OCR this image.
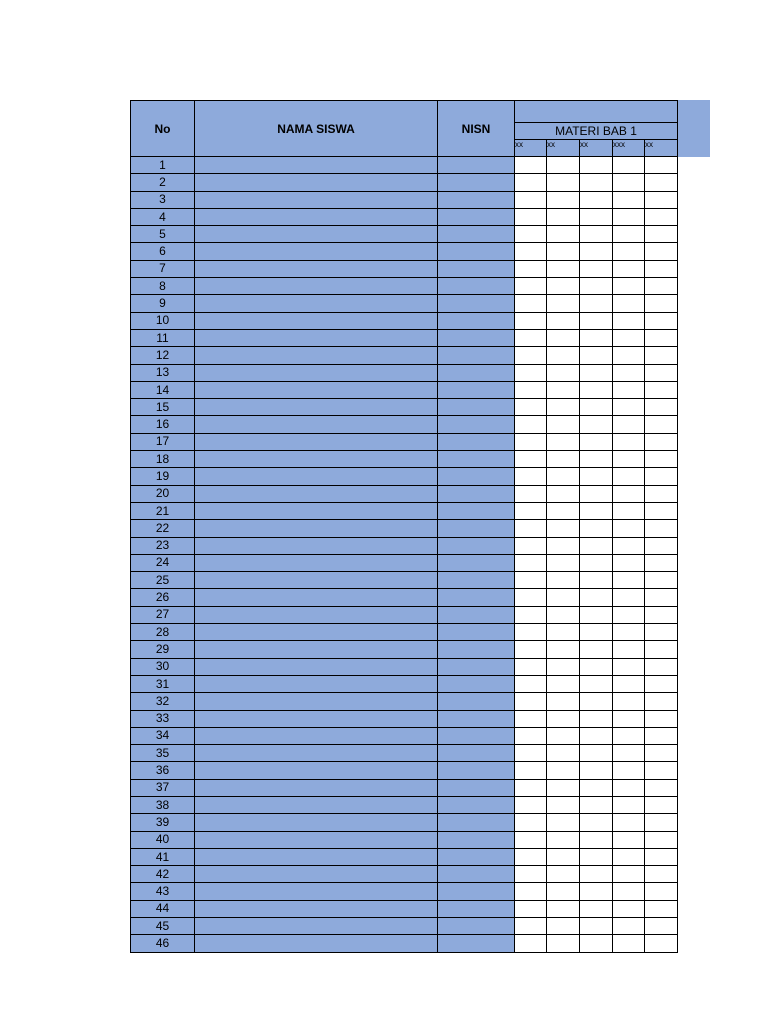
No	NAMA SISWA	NISN					
			MATERI BAB 1				
			xx	xx	xx	xxx	xx
1							
2							
3							
4							
5							
6							
7							
8							
9							
10							
11							
12							
13							
14							
15							
16							
17							
18							
19							
20							
21							
22							
23							
24							
25							
26							
27							
28							
29							
30							
31							
32							
33							
34							
35							
36							
37							
38							
39							
40							
41							
42							
43							
44							
45							
46							
